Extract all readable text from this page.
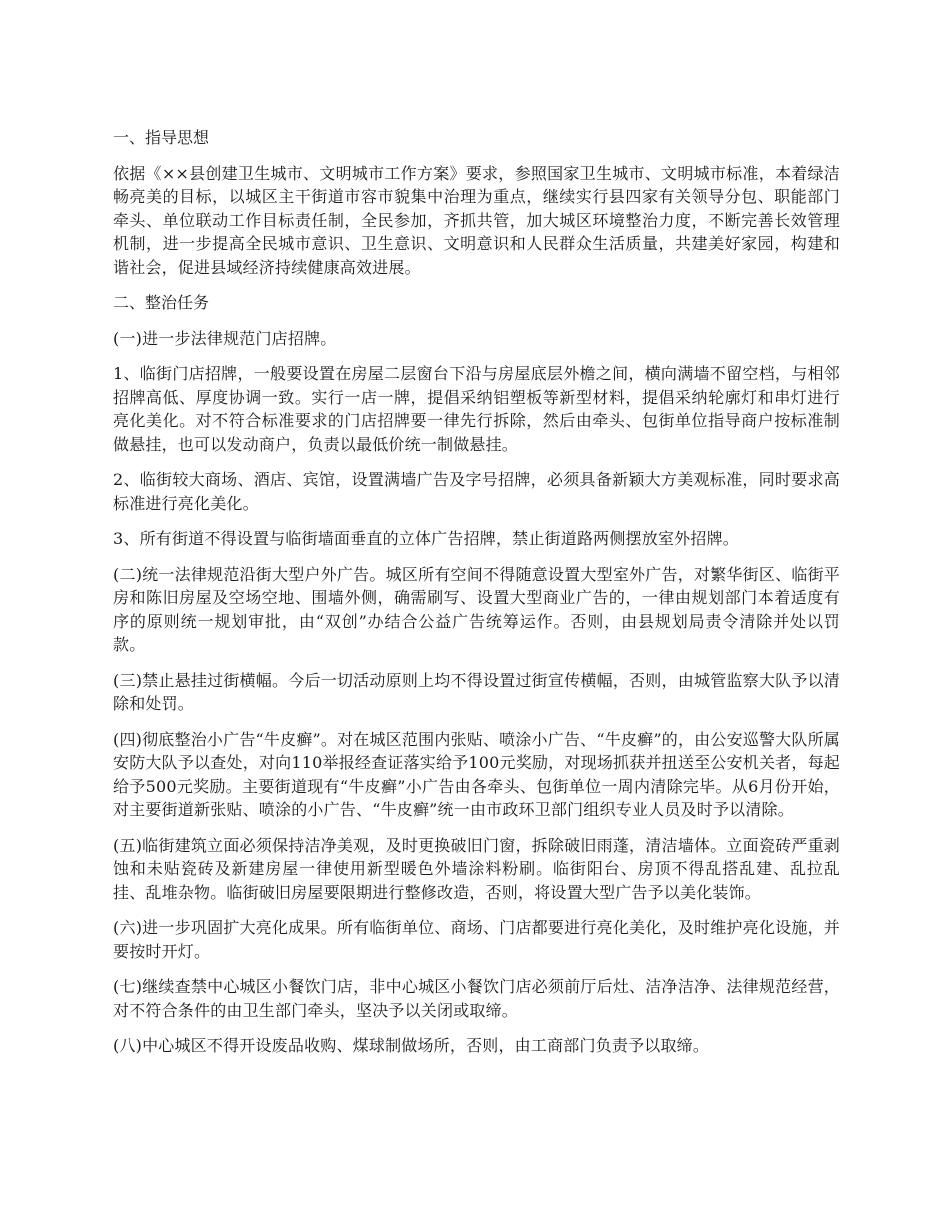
一、指导思想

依据《××县创建卫生城市、文明城市工作方案》要求，参照国家卫生城市、文明城市标准，本着绿洁畅亮美的目标，以城区主干街道市容市貌集中治理为重点，继续实行县四家有关领导分包、职能部门牵头、单位联动工作目标责任制，全民参加，齐抓共管，加大城区环境整治力度，不断完善长效管理机制，进一步提高全民城市意识、卫生意识、文明意识和人民群众生活质量，共建美好家园，构建和谐社会，促进县域经济持续健康高效进展。

二、整治任务

(一)进一步法律规范门店招牌。

1、临街门店招牌，一般要设置在房屋二层窗台下沿与房屋底层外檐之间，横向满墙不留空档，与相邻招牌高低、厚度协调一致。实行一店一牌，提倡采纳铝塑板等新型材料，提倡采纳轮廓灯和串灯进行亮化美化。对不符合标准要求的门店招牌要一律先行拆除，然后由牵头、包街单位指导商户按标准制做悬挂，也可以发动商户，负责以最低价统一制做悬挂。

2、临街较大商场、酒店、宾馆，设置满墙广告及字号招牌，必须具备新颖大方美观标准，同时要求高标准进行亮化美化。

3、所有街道不得设置与临街墙面垂直的立体广告招牌，禁止街道路两侧摆放室外招牌。

(二)统一法律规范沿街大型户外广告。城区所有空间不得随意设置大型室外广告，对繁华街区、临街平房和陈旧房屋及空场空地、围墙外侧，确需刷写、设置大型商业广告的，一律由规划部门本着适度有序的原则统一规划审批，由“双创”办结合公益广告统筹运作。否则，由县规划局责令清除并处以罚款。

(三)禁止悬挂过街横幅。今后一切活动原则上均不得设置过街宣传横幅，否则，由城管监察大队予以清除和处罚。

(四)彻底整治小广告“牛皮癣”。对在城区范围内张贴、喷涂小广告、“牛皮癣”的，由公安巡警大队所属安防大队予以查处，对向110举报经查证落实给予100元奖励，对现场抓获并扭送至公安机关者，每起给予500元奖励。主要街道现有“牛皮癣”小广告由各牵头、包街单位一周内清除完毕。从6月份开始，对主要街道新张贴、喷涂的小广告、“牛皮癣”统一由市政环卫部门组织专业人员及时予以清除。

(五)临街建筑立面必须保持洁净美观，及时更换破旧门窗，拆除破旧雨蓬，清洁墙体。立面瓷砖严重剥蚀和未贴瓷砖及新建房屋一律使用新型暖色外墙涂料粉刷。临街阳台、房顶不得乱搭乱建、乱拉乱挂、乱堆杂物。临街破旧房屋要限期进行整修改造，否则，将设置大型广告予以美化装饰。

(六)进一步巩固扩大亮化成果。所有临街单位、商场、门店都要进行亮化美化，及时维护亮化设施，并要按时开灯。

(七)继续查禁中心城区小餐饮门店，非中心城区小餐饮门店必须前厅后灶、洁净洁净、法律规范经营，对不符合条件的由卫生部门牵头，坚决予以关闭或取缔。

(八)中心城区不得开设废品收购、煤球制做场所，否则，由工商部门负责予以取缔。
